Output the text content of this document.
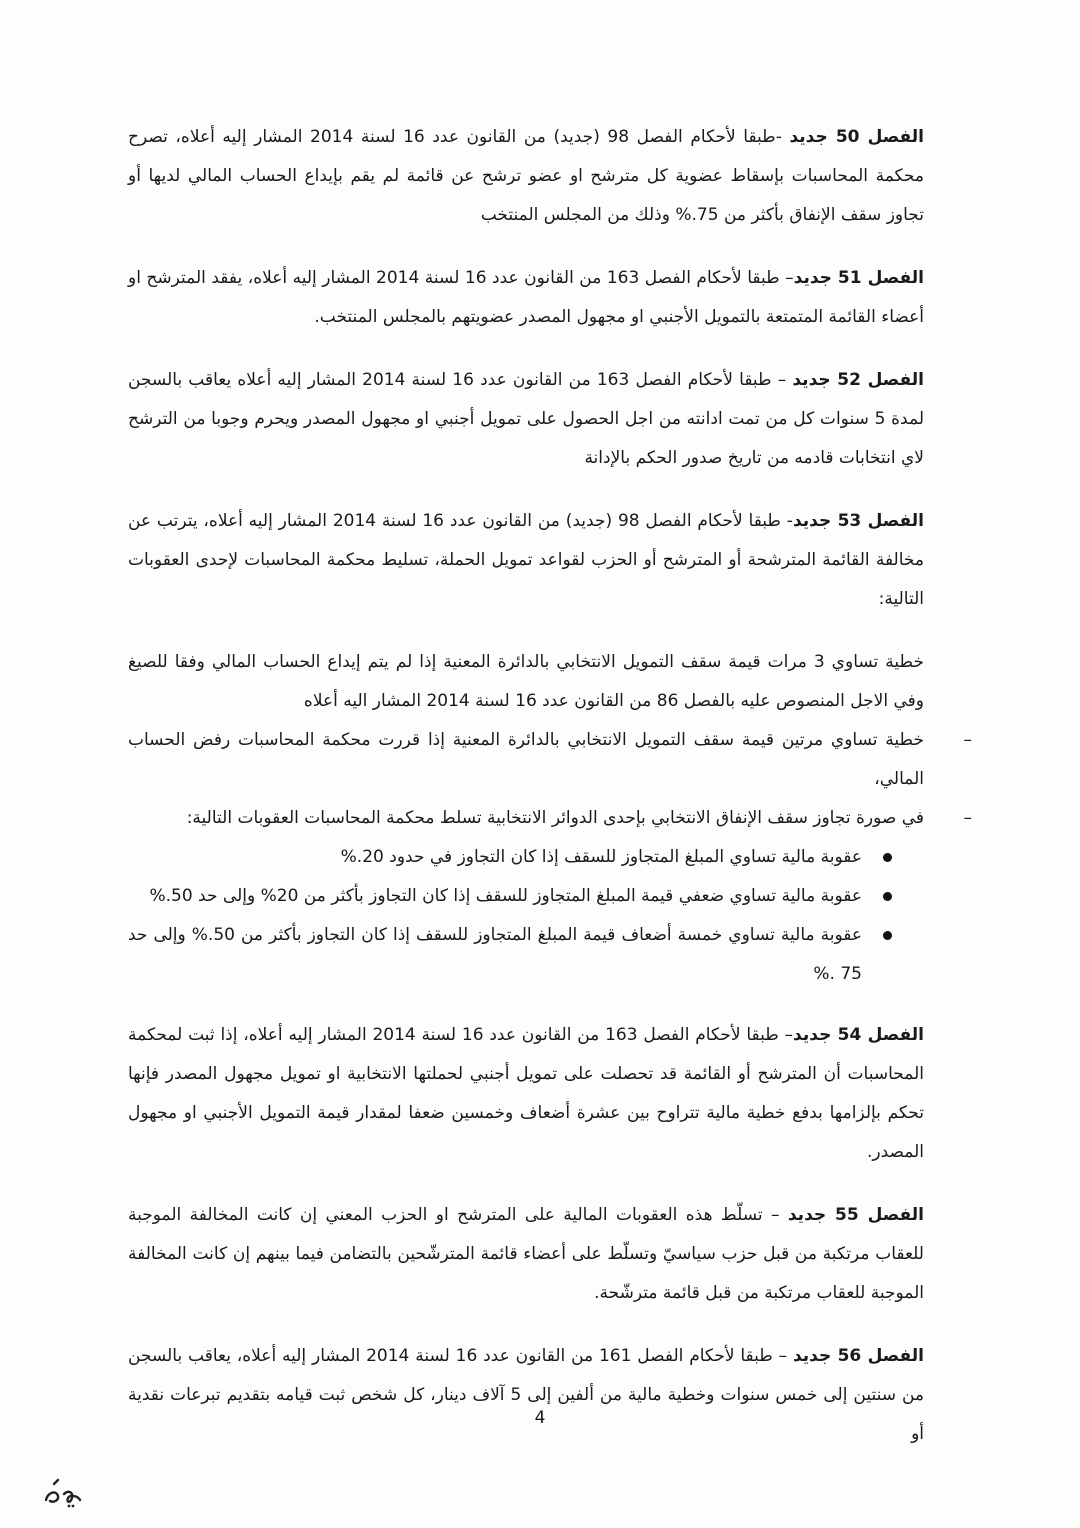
الفصل 50 جديد -طبقا لأحكام الفصل 98 (جديد) من القانون عدد 16 لسنة 2014 المشار إليه أعلاه، تصرح محكمة المحاسبات بإسقاط عضوية كل مترشح او عضو ترشح عن قائمة لم يقم بإيداع الحساب المالي لديها أو تجاوز سقف الإنفاق بأكثر من 75.% وذلك من المجلس المنتخب

الفصل 51 جديد– طبقا لأحكام الفصل 163 من القانون عدد 16 لسنة 2014 المشار إليه أعلاه، يفقد المترشح او أعضاء القائمة المتمتعة بالتمويل الأجنبي او مجهول المصدر عضويتهم بالمجلس المنتخب.

الفصل 52 جديد – طبقا لأحكام الفصل 163 من القانون عدد 16 لسنة 2014 المشار إليه أعلاه يعاقب بالسجن لمدة 5 سنوات كل من تمت ادانته من اجل الحصول على تمويل أجنبي او مجهول المصدر ويحرم وجوبا من الترشح لاي انتخابات قادمه من تاريخ صدور الحكم بالإدانة

الفصل 53 جديد- طبقا لأحكام الفصل 98 (جديد) من القانون عدد 16 لسنة 2014 المشار إليه أعلاه، يترتب عن مخالفة القائمة المترشحة أو المترشح أو الحزب لقواعد تمويل الحملة، تسليط محكمة المحاسبات لإحدى العقوبات التالية:

خطية تساوي 3 مرات قيمة سقف التمويل الانتخابي بالدائرة المعنية إذا لم يتم إيداع الحساب المالي وفقا للصيغ وفي الاجل المنصوص عليه بالفصل 86 من القانون عدد 16 لسنة 2014 المشار اليه أعلاه
–
خطية تساوي مرتين قيمة سقف التمويل الانتخابي بالدائرة المعنية إذا قررت محكمة المحاسبات رفض الحساب المالي،
–
في صورة تجاوز سقف الإنفاق الانتخابي بإحدى الدوائر الانتخابية تسلط محكمة المحاسبات العقوبات التالية:
عقوبة مالية تساوي المبلغ المتجاوز للسقف إذا كان التجاوز في حدود 20.%
عقوبة مالية تساوي ضعفي قيمة المبلغ المتجاوز للسقف إذا كان التجاوز بأكثر من 20% وإلى حد 50.%
عقوبة مالية تساوي خمسة أضعاف قيمة المبلغ المتجاوز للسقف إذا كان التجاوز بأكثر من 50.% وإلى حد 75 .%

الفصل 54 جديد– طبقا لأحكام الفصل 163 من القانون عدد 16 لسنة 2014 المشار إليه أعلاه، إذا ثبت لمحكمة المحاسبات أن المترشح أو القائمة قد تحصلت على تمويل أجنبي لحملتها الانتخابية او تمويل مجهول المصدر فإنها تحكم بإلزامها بدفع خطية مالية تتراوح بين عشرة أضعاف وخمسين ضعفا لمقدار قيمة التمويل الأجنبي او مجهول المصدر.

الفصل 55 جديد – تسلّط هذه العقوبات المالية على المترشح او الحزب المعني إن كانت المخالفة الموجبة للعقاب مرتكبة من قبل حزب سياسيّ وتسلّط على أعضاء قائمة المترشّحين بالتضامن فيما بينهم إن كانت المخالفة الموجبة للعقاب مرتكبة من قبل قائمة مترشّحة.

الفصل 56 جديد – طبقا لأحكام الفصل 161 من القانون عدد 16 لسنة 2014 المشار إليه أعلاه، يعاقب بالسجن من سنتين إلى خمس سنوات وخطية مالية من ألفين إلى 5 آلاف دينار، كل شخص ثبت قيامه بتقديم تبرعات نقدية أو

4
